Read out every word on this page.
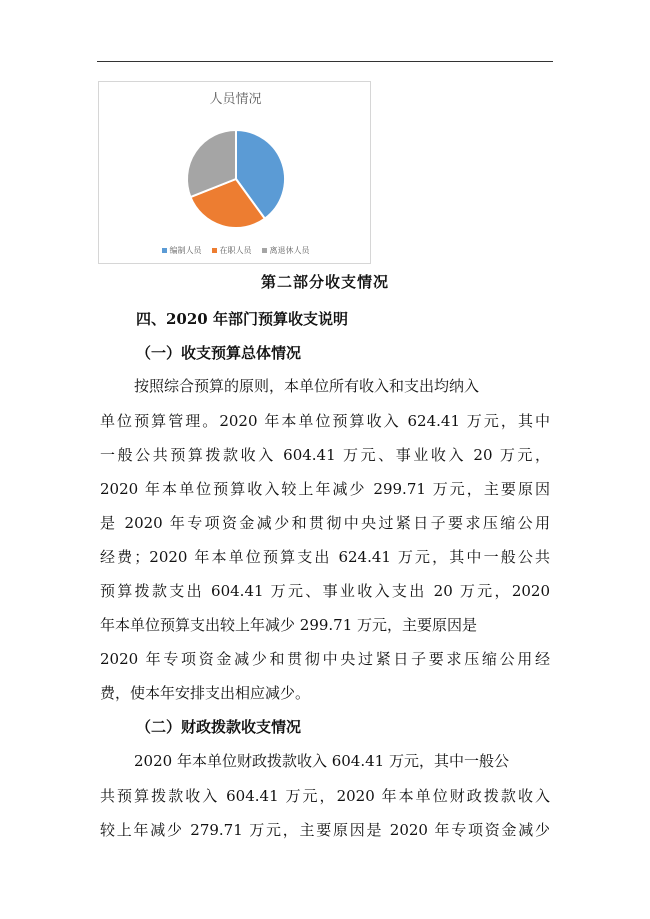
人员情况
编制人员 在职人员 离退休人员
第二部分收支情况
四、2020 年部门预算收支说明
（一）收支预算总体情况
按照综合预算的原则，本单位所有收入和支出均纳入
单位预算管理。2020 年本单位预算收入 624.41 万元，其中
一般公共预算拨款收入 604.41 万元、事业收入 20 万元，
2020 年本单位预算收入较上年减少 299.71 万元，主要原因
是 2020 年专项资金减少和贯彻中央过紧日子要求压缩公用
经费；2020 年本单位预算支出 624.41 万元，其中一般公共
预算拨款支出 604.41 万元、事业收入支出 20 万元，2020
年本单位预算支出较上年减少 299.71 万元，主要原因是
2020 年专项资金减少和贯彻中央过紧日子要求压缩公用经
费，使本年安排支出相应减少。
（二）财政拨款收支情况
2020 年本单位财政拨款收入 604.41 万元，其中一般公
共预算拨款收入 604.41 万元，2020 年本单位财政拨款收入
较上年减少 279.71 万元，主要原因是 2020 年专项资金减少
